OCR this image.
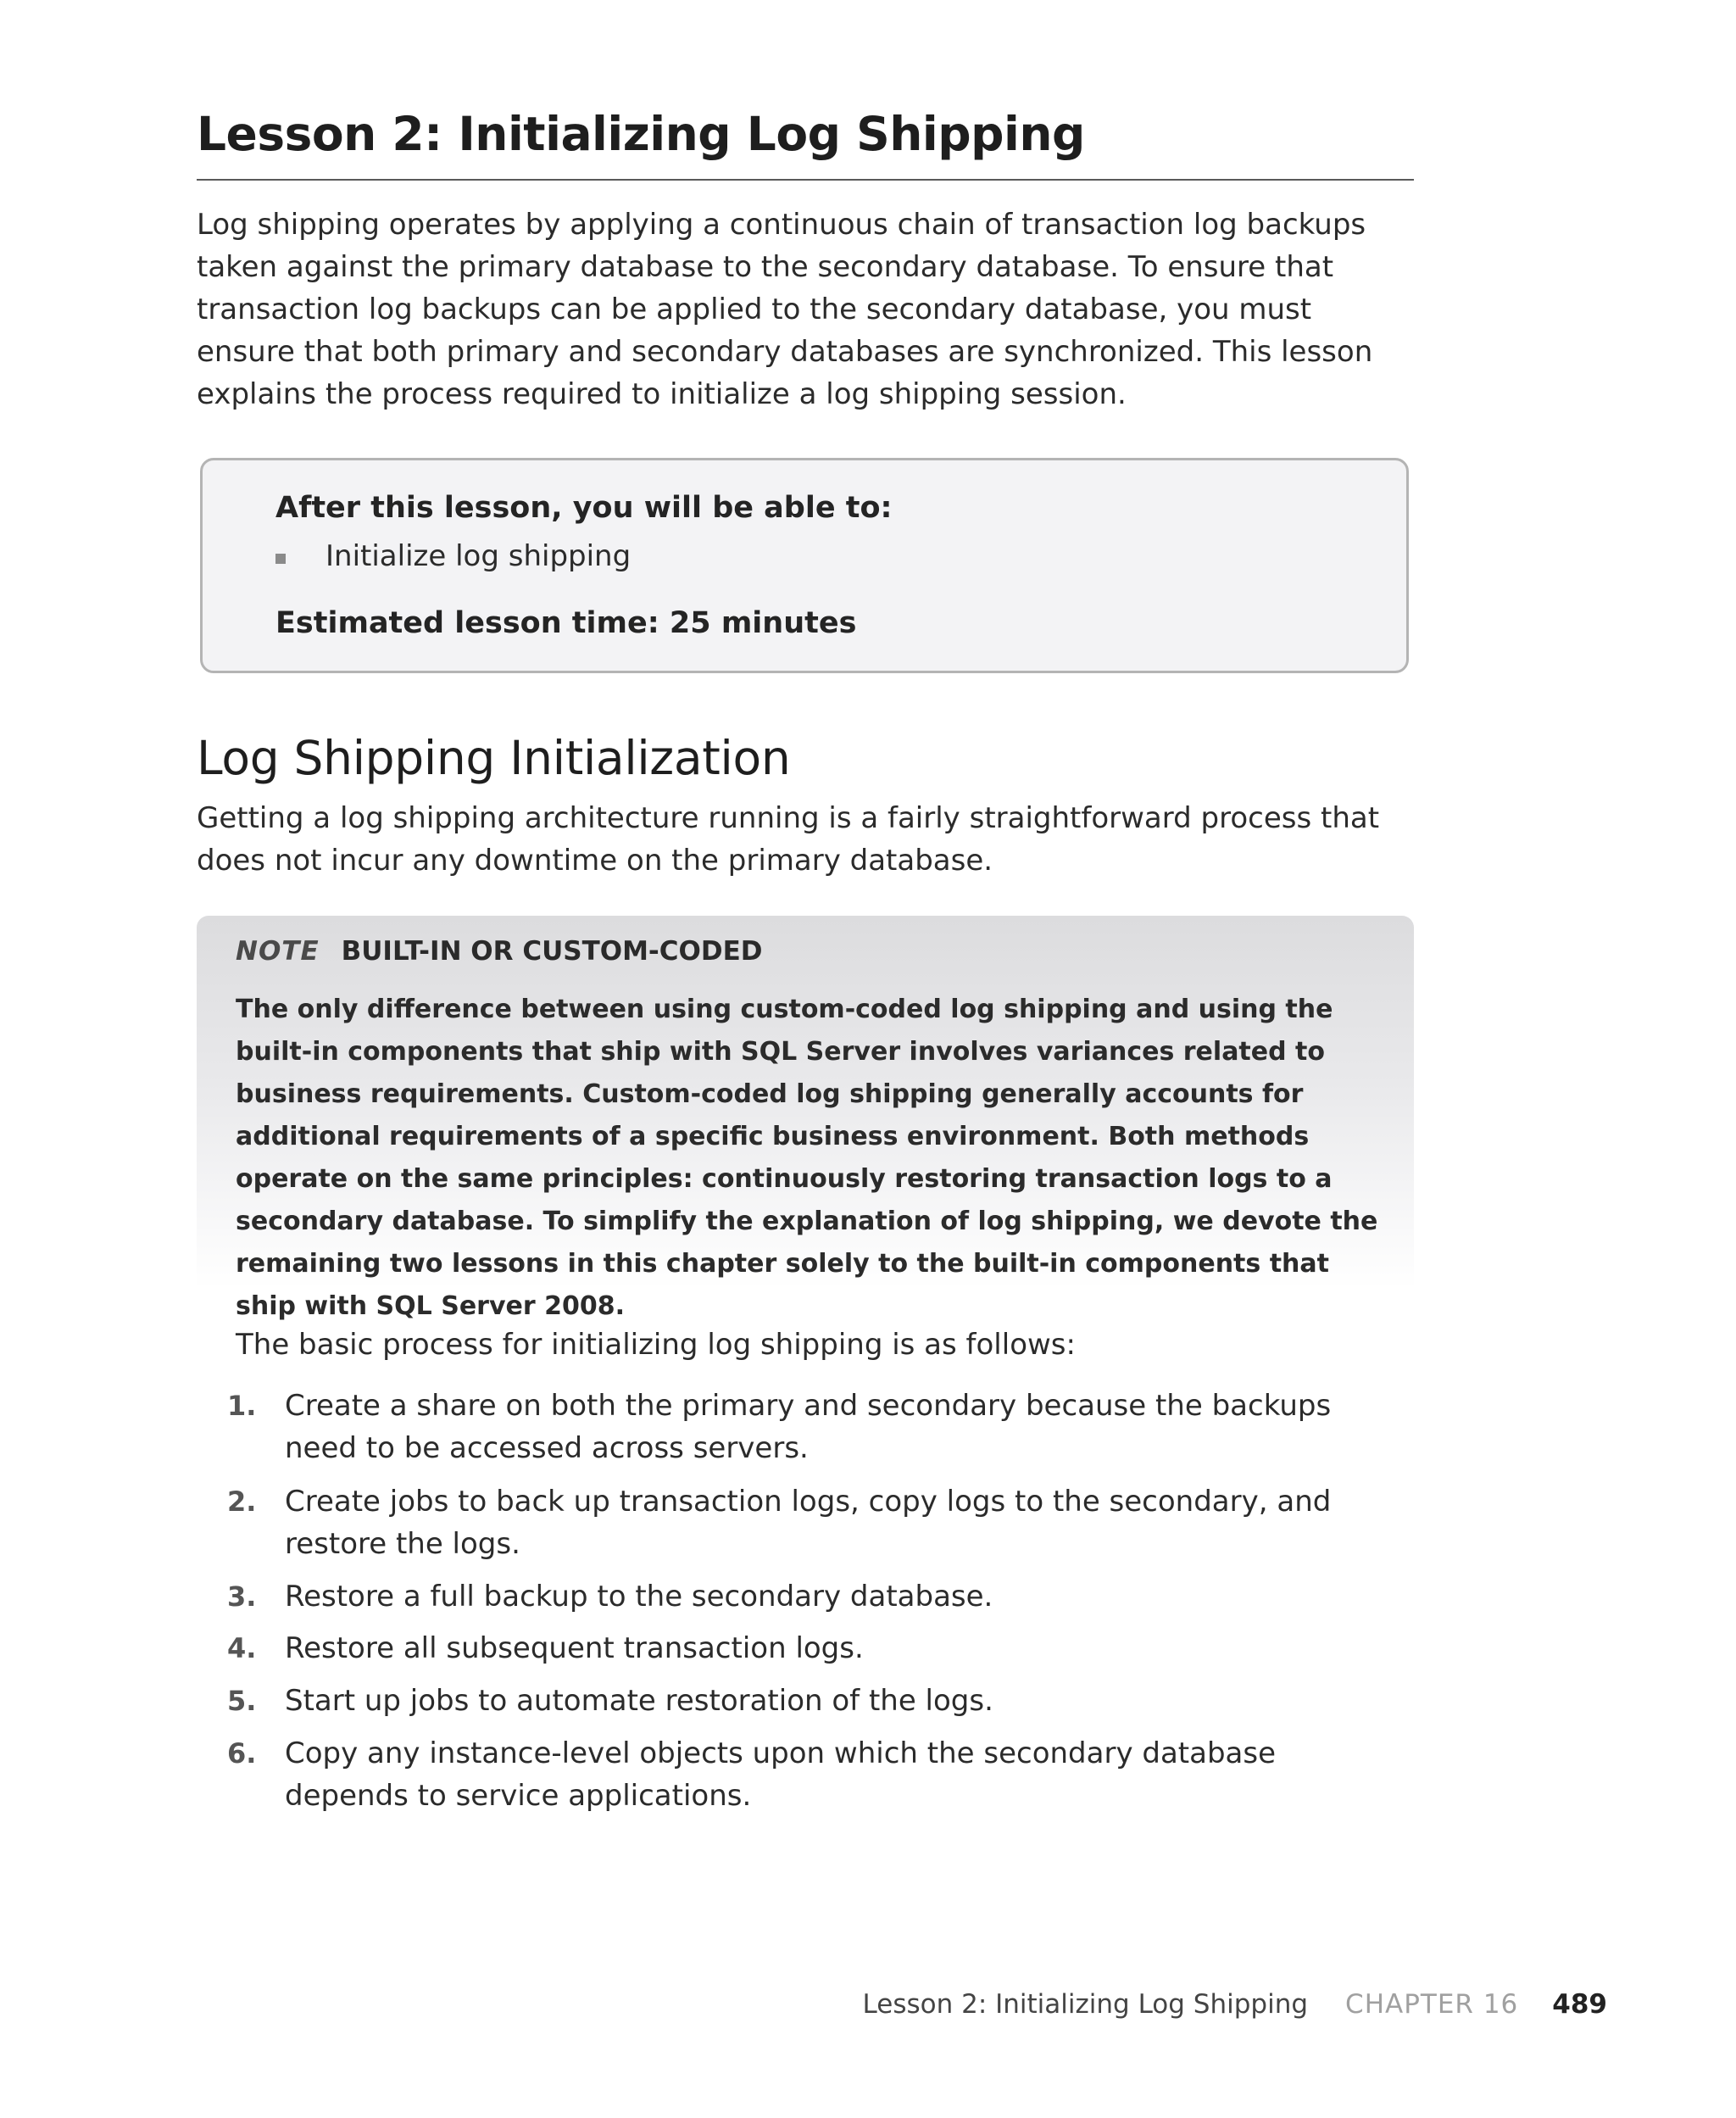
Lesson 2: Initializing Log Shipping

Log shipping operates by applying a continuous chain of transaction log backups taken against the primary database to the secondary database. To ensure that transaction log backups can be applied to the secondary database, you must ensure that both primary and secondary databases are synchronized. This lesson explains the process required to initialize a log shipping session.

After this lesson, you will be able to:

Initialize log shipping

Estimated lesson time: 25 minutes

Log Shipping Initialization

Getting a log shipping architecture running is a fairly straightforward process that does not incur any downtime on the primary database.

NOTE BUILT-IN OR CUSTOM-CODED

The only difference between using custom-coded log shipping and using the built-in components that ship with SQL Server involves variances related to business requirements. Custom-coded log shipping generally accounts for additional requirements of a specific business environment. Both methods operate on the same principles: continuously restoring transaction logs to a secondary database. To simplify the explanation of log shipping, we devote the remaining two lessons in this chapter solely to the built-in components that ship with SQL Server 2008.

The basic process for initializing log shipping is as follows:

1. Create a share on both the primary and secondary because the backups need to be accessed across servers.
2. Create jobs to back up transaction logs, copy logs to the secondary, and restore the logs.
3. Restore a full backup to the secondary database.
4. Restore all subsequent transaction logs.
5. Start up jobs to automate restoration of the logs.
6. Copy any instance-level objects upon which the secondary database depends to service applications.
Lesson 2: Initializing Log Shipping CHAPTER 16 489
